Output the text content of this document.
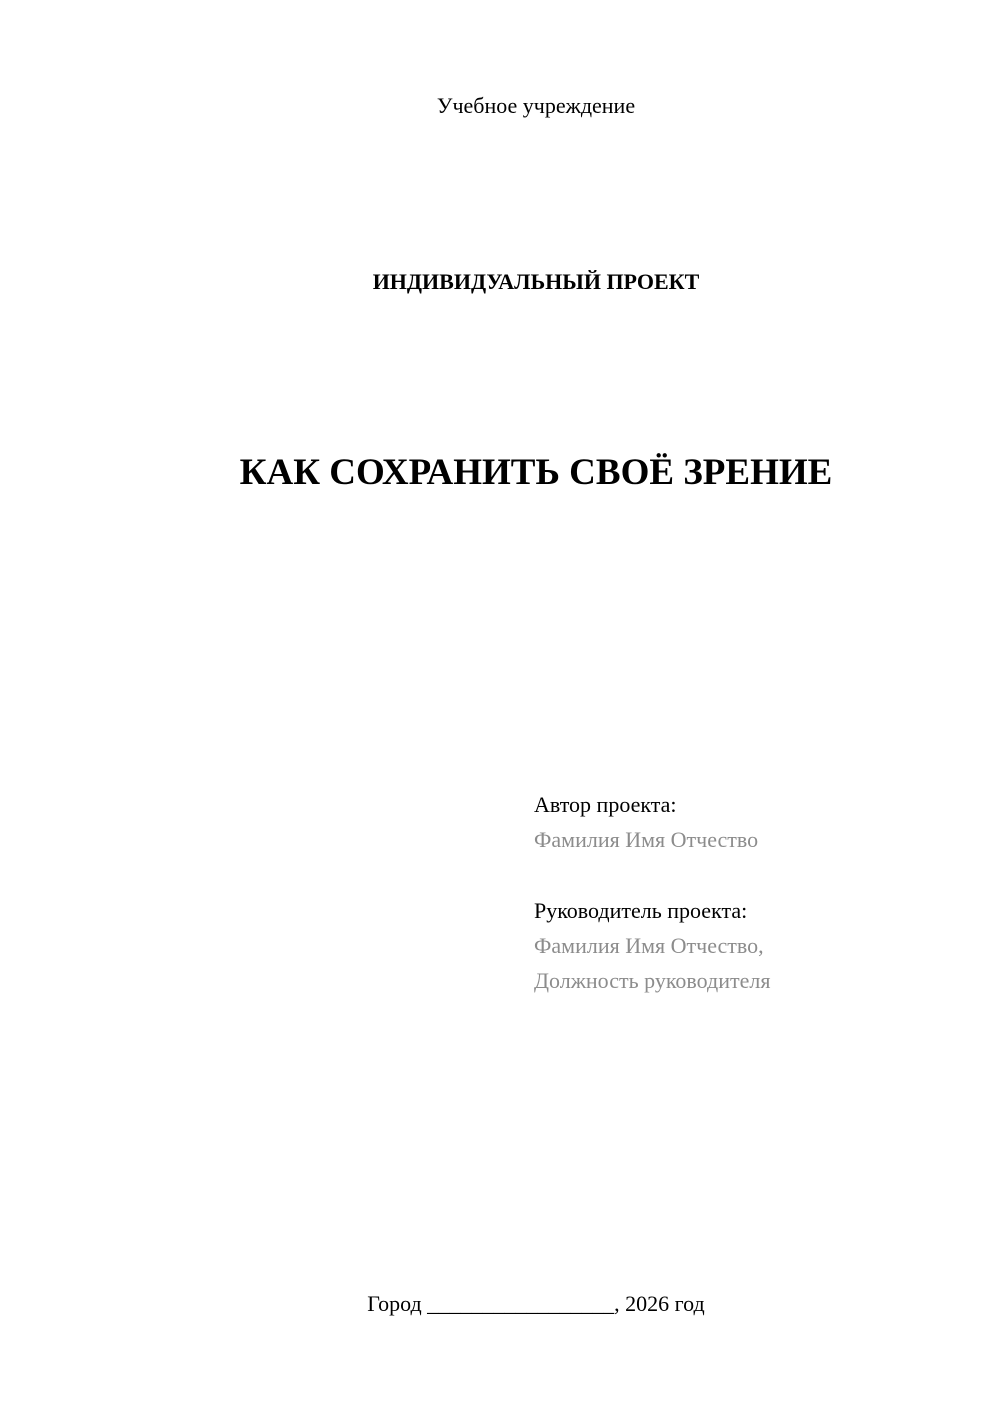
Учебное учреждение
ИНДИВИДУАЛЬНЫЙ ПРОЕКТ
КАК СОХРАНИТЬ СВОЁ ЗРЕНИЕ
Автор проекта:
Фамилия Имя Отчество
Руководитель проекта:
Фамилия Имя Отчество,
Должность руководителя
Город _________________, 2026 год
